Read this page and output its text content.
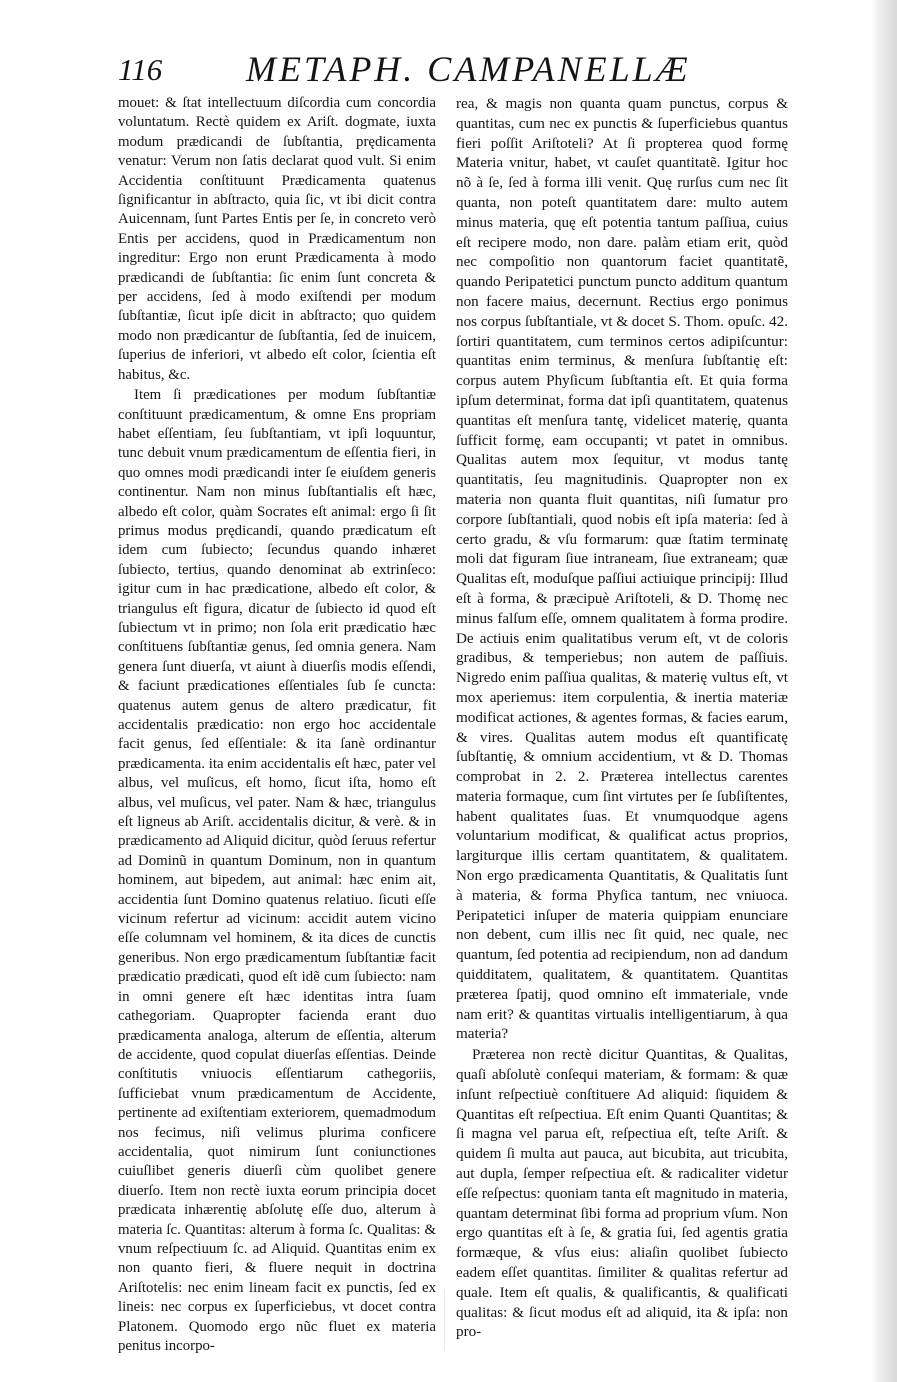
116 METAPH. CAMPANELLÆ

mouet: & ſtat intellectuum diſcordia cum concordia voluntatum. Rectè quidem ex Ariſt. dogmate, iuxta modum prædicandi de ſubſtantia, prędicamenta venatur: Verum non ſatis declarat quod vult. Si enim Accidentia conſtituunt Prædicamenta quatenus ſignificantur in abſtracto, quia ſic, vt ibi dicit contra Auicennam, ſunt Partes Entis per ſe, in concreto verò Entis per accidens, quod in Prædicamentum non ingreditur: Ergo non erunt Prædicamenta à modo prædicandi de ſubſtantia: ſic enim ſunt concreta & per accidens, ſed à modo exiſtendi per modum ſubſtantiæ, ſicut ipſe dicit in abſtracto; quo quidem modo non prædicantur de ſubſtantia, ſed de inuicem, ſuperius de inferiori, vt albedo eſt color, ſcientia eſt habitus, &c.

Item ſi prædicationes per modum ſubſtantiæ conſtituunt prædicamentum, & omne Ens propriam habet eſſentiam, ſeu ſubſtantiam, vt ipſi loquuntur, tunc debuit vnum prædicamentum de eſſentia fieri, in quo omnes modi prædicandi inter ſe eiuſdem generis continentur. Nam non minus ſubſtantialis eſt hæc, albedo eſt color, quàm Socrates eſt animal: ergo ſi ſit primus modus prędicandi, quando prædicatum eſt idem cum ſubiecto; ſecundus quando inhæret ſubiecto, tertius, quando denominat ab extrinſeco: igitur cum in hac prædicatione, albedo eſt color, & triangulus eſt figura, dicatur de ſubiecto id quod eſt ſubiectum vt in primo; non ſola erit prædicatio hæc conſtituens ſubſtantiæ genus, ſed omnia genera. Nam genera ſunt diuerſa, vt aiunt à diuerſis modis eſſendi, & faciunt prædicationes eſſentiales ſub ſe cuncta: quatenus autem genus de altero prædicatur, fit accidentalis prædicatio: non ergo hoc accidentale facit genus, ſed eſſentiale: & ita ſanè ordinantur prædicamenta. ita enim accidentalis eſt hæc, pater vel albus, vel muſicus, eſt homo, ſicut iſta, homo eſt albus, vel muſicus, vel pater. Nam & hæc, triangulus eſt ligneus ab Ariſt. accidentalis dicitur, & verè. & in prædicamento ad Aliquid dicitur, quòd ſeruus refertur ad Dominũ in quantum Dominum, non in quantum hominem, aut bipedem, aut animal: hæc enim ait, accidentia ſunt Domino quatenus relatiuo. ſicuti eſſe vicinum refertur ad vicinum: accidit autem vicino eſſe columnam vel hominem, & ita dices de cunctis generibus. Non ergo prædicamentum ſubſtantiæ facit prædicatio prædicati, quod eſt idẽ cum ſubiecto: nam in omni genere eſt hæc identitas intra ſuam cathegoriam. Quapropter facienda erant duo prædicamenta analoga, alterum de eſſentia, alterum de accidente, quod copulat diuerſas eſſentias. Deinde conſtitutis vniuocis eſſentiarum cathegoriis, ſufficiebat vnum prædicamentum de Accidente, pertinente ad exiſtentiam exteriorem, quemadmodum nos fecimus, niſi velimus plurima conficere accidentalia, quot nimirum ſunt coniunctiones cuiuſlibet generis diuerſi cùm quolibet genere diuerſo. Item non rectè iuxta eorum principia docet prædicata inhærentię abſolutę eſſe duo, alterum à materia ſc. Quantitas: alterum à forma ſc. Qualitas: & vnum reſpectiuum ſc. ad Aliquid. Quantitas enim ex non quanto fieri, & fluere nequit in doctrina Ariſtotelis: nec enim lineam facit ex punctis, ſed ex lineis: nec corpus ex ſuperficiebus, vt docet contra Platonem. Quomodo ergo nũc fluet ex materia penitus incorpo-

rea, & magis non quanta quam punctus, corpus & quantitas, cum nec ex punctis & ſuperficiebus quantus fieri poſſit Ariſtoteli? At ſi propterea quod formę Materia vnitur, habet, vt cauſet quantitatẽ. Igitur hoc nõ à ſe, ſed à forma illi venit. Quę rurſus cum nec ſit quanta, non poteſt quantitatem dare: multo autem minus materia, quę eſt potentia tantum paſſiua, cuius eſt recipere modo, non dare. palàm etiam erit, quòd nec compoſitio non quantorum faciet quantitatẽ, quando Peripatetici punctum puncto additum quantum non facere maius, decernunt. Rectius ergo ponimus nos corpus ſubſtantiale, vt & docet S. Thom. opuſc. 42. ſortiri quantitatem, cum terminos certos adipiſcuntur: quantitas enim terminus, & menſura ſubſtantię eſt: corpus autem Phyſicum ſubſtantia eſt. Et quia forma ipſum determinat, forma dat ipſi quantitatem, quatenus quantitas eſt menſura tantę, videlicet materię, quanta ſufficit formę, eam occupanti; vt patet in omnibus. Qualitas autem mox ſequitur, vt modus tantę quantitatis, ſeu magnitudinis. Quapropter non ex materia non quanta fluit quantitas, niſi ſumatur pro corpore ſubſtantiali, quod nobis eſt ipſa materia: ſed à certo gradu, & vſu formarum: quæ ſtatim terminatę moli dat figuram ſiue intraneam, ſiue extraneam; quæ Qualitas eſt, moduſque paſſiui actiuique principij: Illud eſt à forma, & præcipuè Ariſtoteli, & D. Thomę nec minus falſum eſſe, omnem qualitatem à forma prodire. De actiuis enim qualitatibus verum eſt, vt de coloris gradibus, & temperiebus; non autem de paſſiuis. Nigredo enim paſſiua qualitas, & materię vultus eſt, vt mox aperiemus: item corpulentia, & inertia materiæ modificat actiones, & agentes formas, & facies earum, & vires. Qualitas autem modus eſt quantificatę ſubſtantię, & omnium accidentium, vt & D. Thomas comprobat in 2. 2. Præterea intellectus carentes materia formaque, cum ſint virtutes per ſe ſubſiſtentes, habent qualitates ſuas. Et vnumquodque agens voluntarium modificat, & qualificat actus proprios, largiturque illis certam quantitatem, & qualitatem. Non ergo prædicamenta Quantitatis, & Qualitatis ſunt à materia, & forma Phyſica tantum, nec vniuoca. Peripatetici inſuper de materia quippiam enunciare non debent, cum illis nec ſit quid, nec quale, nec quantum, ſed potentia ad recipiendum, non ad dandum quidditatem, qualitatem, & quantitatem. Quantitas præterea ſpatij, quod omnino eſt immateriale, vnde nam erit? & quantitas virtualis intelligentiarum, à qua materia?

Præterea non rectè dicitur Quantitas, & Qualitas, quaſi abſolutè conſequi materiam, & formam: & quæ inſunt reſpectiuè conſtituere Ad aliquid: ſiquidem & Quantitas eſt reſpectiua. Eſt enim Quanti Quantitas; & ſi magna vel parua eſt, reſpectiua eſt, teſte Ariſt. & quidem ſi multa aut pauca, aut bicubita, aut tricubita, aut dupla, ſemper reſpectiua eſt. & radicaliter videtur eſſe reſpectus: quoniam tanta eſt magnitudo in materia, quantam determinat ſibi forma ad proprium vſum. Non ergo quantitas eſt à ſe, & gratia ſui, ſed agentis gratia formæque, & vſus eius: aliaſin quolibet ſubiecto eadem eſſet quantitas. ſimiliter & qualitas refertur ad quale. Item eſt qualis, & qualificantis, & qualificati qualitas: & ſicut modus eſt ad aliquid, ita & ipſa: non pro-
